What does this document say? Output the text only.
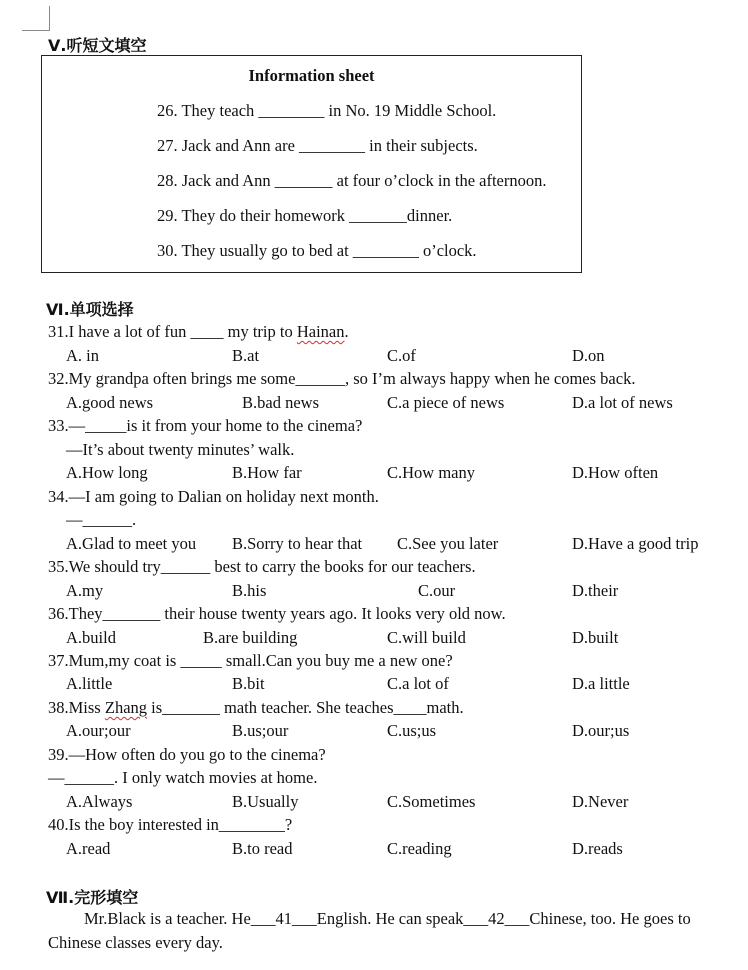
Ⅴ.听短文填空
Information sheet
26. They teach ________ in No. 19 Middle School.
27. Jack and Ann are ________ in their subjects.
28. Jack and Ann _______ at four o’clock in the afternoon.
29. They do their homework _______dinner.
30. They usually go to bed at ________ o’clock.
Ⅵ.单项选择
31.I have a lot of fun ____ my trip to Hainan.
A. in	B.at	C.of	D.on
32.My grandpa often brings me some______, so I’m always happy when he comes back.
A.good news	B.bad news	C.a piece of news	D.a lot of news
33.—_____is it from your home to the cinema?
—It’s about twenty minutes’ walk.
A.How long	B.How far	C.How many	D.How often
34.—I am going to Dalian on holiday next month.
—______.
A.Glad to meet you B.Sorry to hear that C.See you later	D.Have a good trip
35.We should try______ best to carry the books for our teachers.
A.my	B.his	C.our	D.their
36.They_______ their house twenty years ago. It looks very old now.
A.build	B.are building	C.will build	D.built
37.Mum,my coat is _____ small.Can you buy me a new one?
A.little	B.bit	C.a lot of	D.a little
38.Miss Zhang is_______ math teacher. She teaches____math.
A.our;our	B.us;our	C.us;us	D.our;us
39.—How often do you go to the cinema?
—______. I only watch movies at home.
A.Always	B.Usually	C.Sometimes	D.Never
40.Is the boy interested in________?
A.read	B.to read	C.reading	D.reads
Ⅶ.完形填空
Mr.Black is a teacher. He___41___English. He can speak___42___Chinese, too. He goes to
Chinese classes every day.
